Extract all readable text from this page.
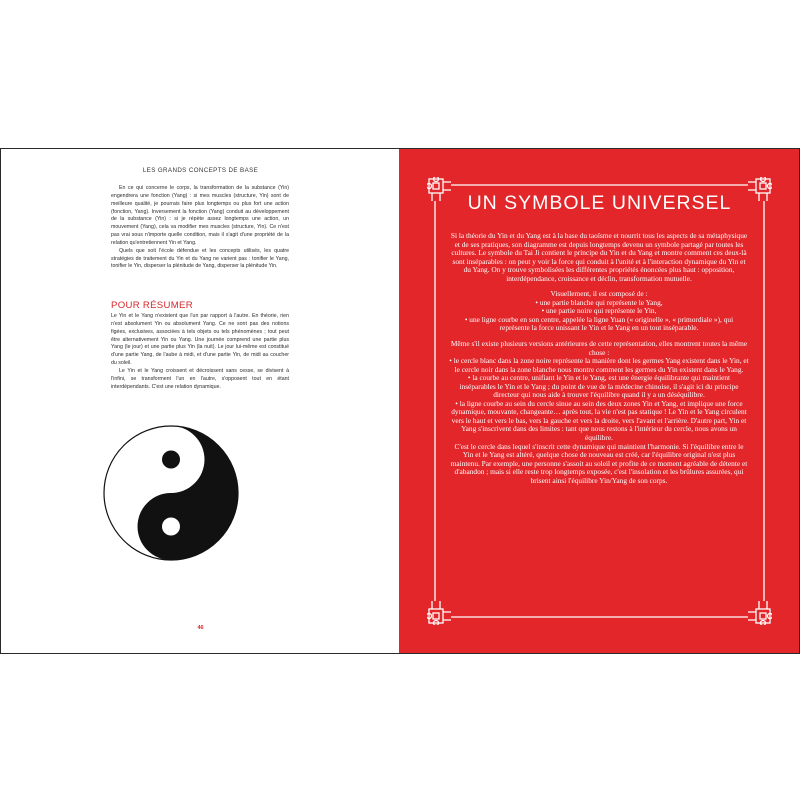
LES GRANDS CONCEPTS DE BASE

En ce qui concerne le corps, la transformation de la substance (Yin) engendrera une fonction (Yang) : si mes muscles (structure, Yin) sont de meilleure qualité, je pourrais faire plus longtemps ou plus fort une action (fonction, Yang). Inversement la fonction (Yang) conduit au développement de la substance (Yin) : si je répète assez longtemps une action, un mouvement (Yang), cela va modifier mes muscles (structure, Yin). Ce n'est pas vrai sous n'importe quelle condition, mais il s'agit d'une propriété de la relation qu'entretiennent Yin et Yang.

Quels que soit l'école défendue et les concepts utilisés, les quatre stratégies de traitement du Yin et du Yang ne varient pas : tonifier le Yang, tonifier le Yin, disperser la plénitude de Yang, disperser la plénitude Yin.

POUR RÉSUMER

Le Yin et le Yang n'existent que l'un par rapport à l'autre. En théorie, rien n'est absolument Yin ou absolument Yang. Ce ne sont pas des notions figées, exclusives, associées à tels objets ou tels phénomènes ; tout peut être alternativement Yin ou Yang. Une journée comprend une partie plus Yang (le jour) et une partie plus Yin (la nuit). Le jour lui-même est constitué d'une partie Yang, de l'aube à midi, et d'une partie Yin, de midi au coucher du soleil.

Le Yin et le Yang croissent et décroissent sans cesse, se divisent à l'infini, se transforment l'un en l'autre, s'opposent tout en étant interdépendants. C'est une relation dynamique.

46
UN SYMBOLE UNIVERSEL

Si la théorie du Yin et du Yang est à la base du taoïsme et nourrit tous les aspects de sa métaphysique et de ses pratiques, son diagramme est depuis longtemps devenu un symbole partagé par toutes les cultures. Le symbole du Tai Ji contient le principe du Yin et du Yang et montre comment ces deux-là sont inséparables : on peut y voir la force qui conduit à l'unité et à l'interaction dynamique du Yin et du Yang. On y trouve symbolisées les différentes propriétés énoncées plus haut : opposition, interdépendance, croissance et déclin, transformation mutuelle.

Visuellement, il est composé de :

• une partie blanche qui représente le Yang,

• une partie noire qui représente le Yin,

• une ligne courbe en son centre, appelée la ligne Yuan (« originelle », « primordiale »), qui représente la force unissant le Yin et le Yang en un tout inséparable.

Même s'il existe plusieurs versions antérieures de cette représentation, elles montrent toutes la même chose :

• le cercle blanc dans la zone noire représente la manière dont les germes Yang existent dans le Yin, et le cercle noir dans la zone blanche nous montre comment les germes du Yin existent dans le Yang.

• la courbe au centre, unifiant le Yin et le Yang, est une énergie équilibrante qui maintient inséparables le Yin et le Yang ; du point de vue de la médecine chinoise, il s'agit ici du principe directeur qui nous aide à trouver l'équilibre quand il y a un déséquilibre.

• la ligne courbe au sein du cercle sinue au sein des deux zones Yin et Yang, et implique une force dynamique, mouvante, changeante… après tout, la vie n'est pas statique ! Le Yin et le Yang circulent vers le haut et vers le bas, vers la gauche et vers la droite, vers l'avant et l'arrière. D'autre part, Yin et Yang s'inscrivent dans des limites : tant que nous restons à l'intérieur du cercle, nous avons un équilibre.

C'est le cercle dans lequel s'inscrit cette dynamique qui maintient l'harmonie. Si l'équilibre entre le Yin et le Yang est altéré, quelque chose de nouveau est créé, car l'équilibre original n'est plus maintenu. Par exemple, une personne s'assoit au soleil et profite de ce moment agréable de détente et d'abandon ; mais si elle reste trop longtemps exposée, c'est l'insolation et les brûlures assurées, qui brisent ainsi l'équilibre Yin/Yang de son corps.
